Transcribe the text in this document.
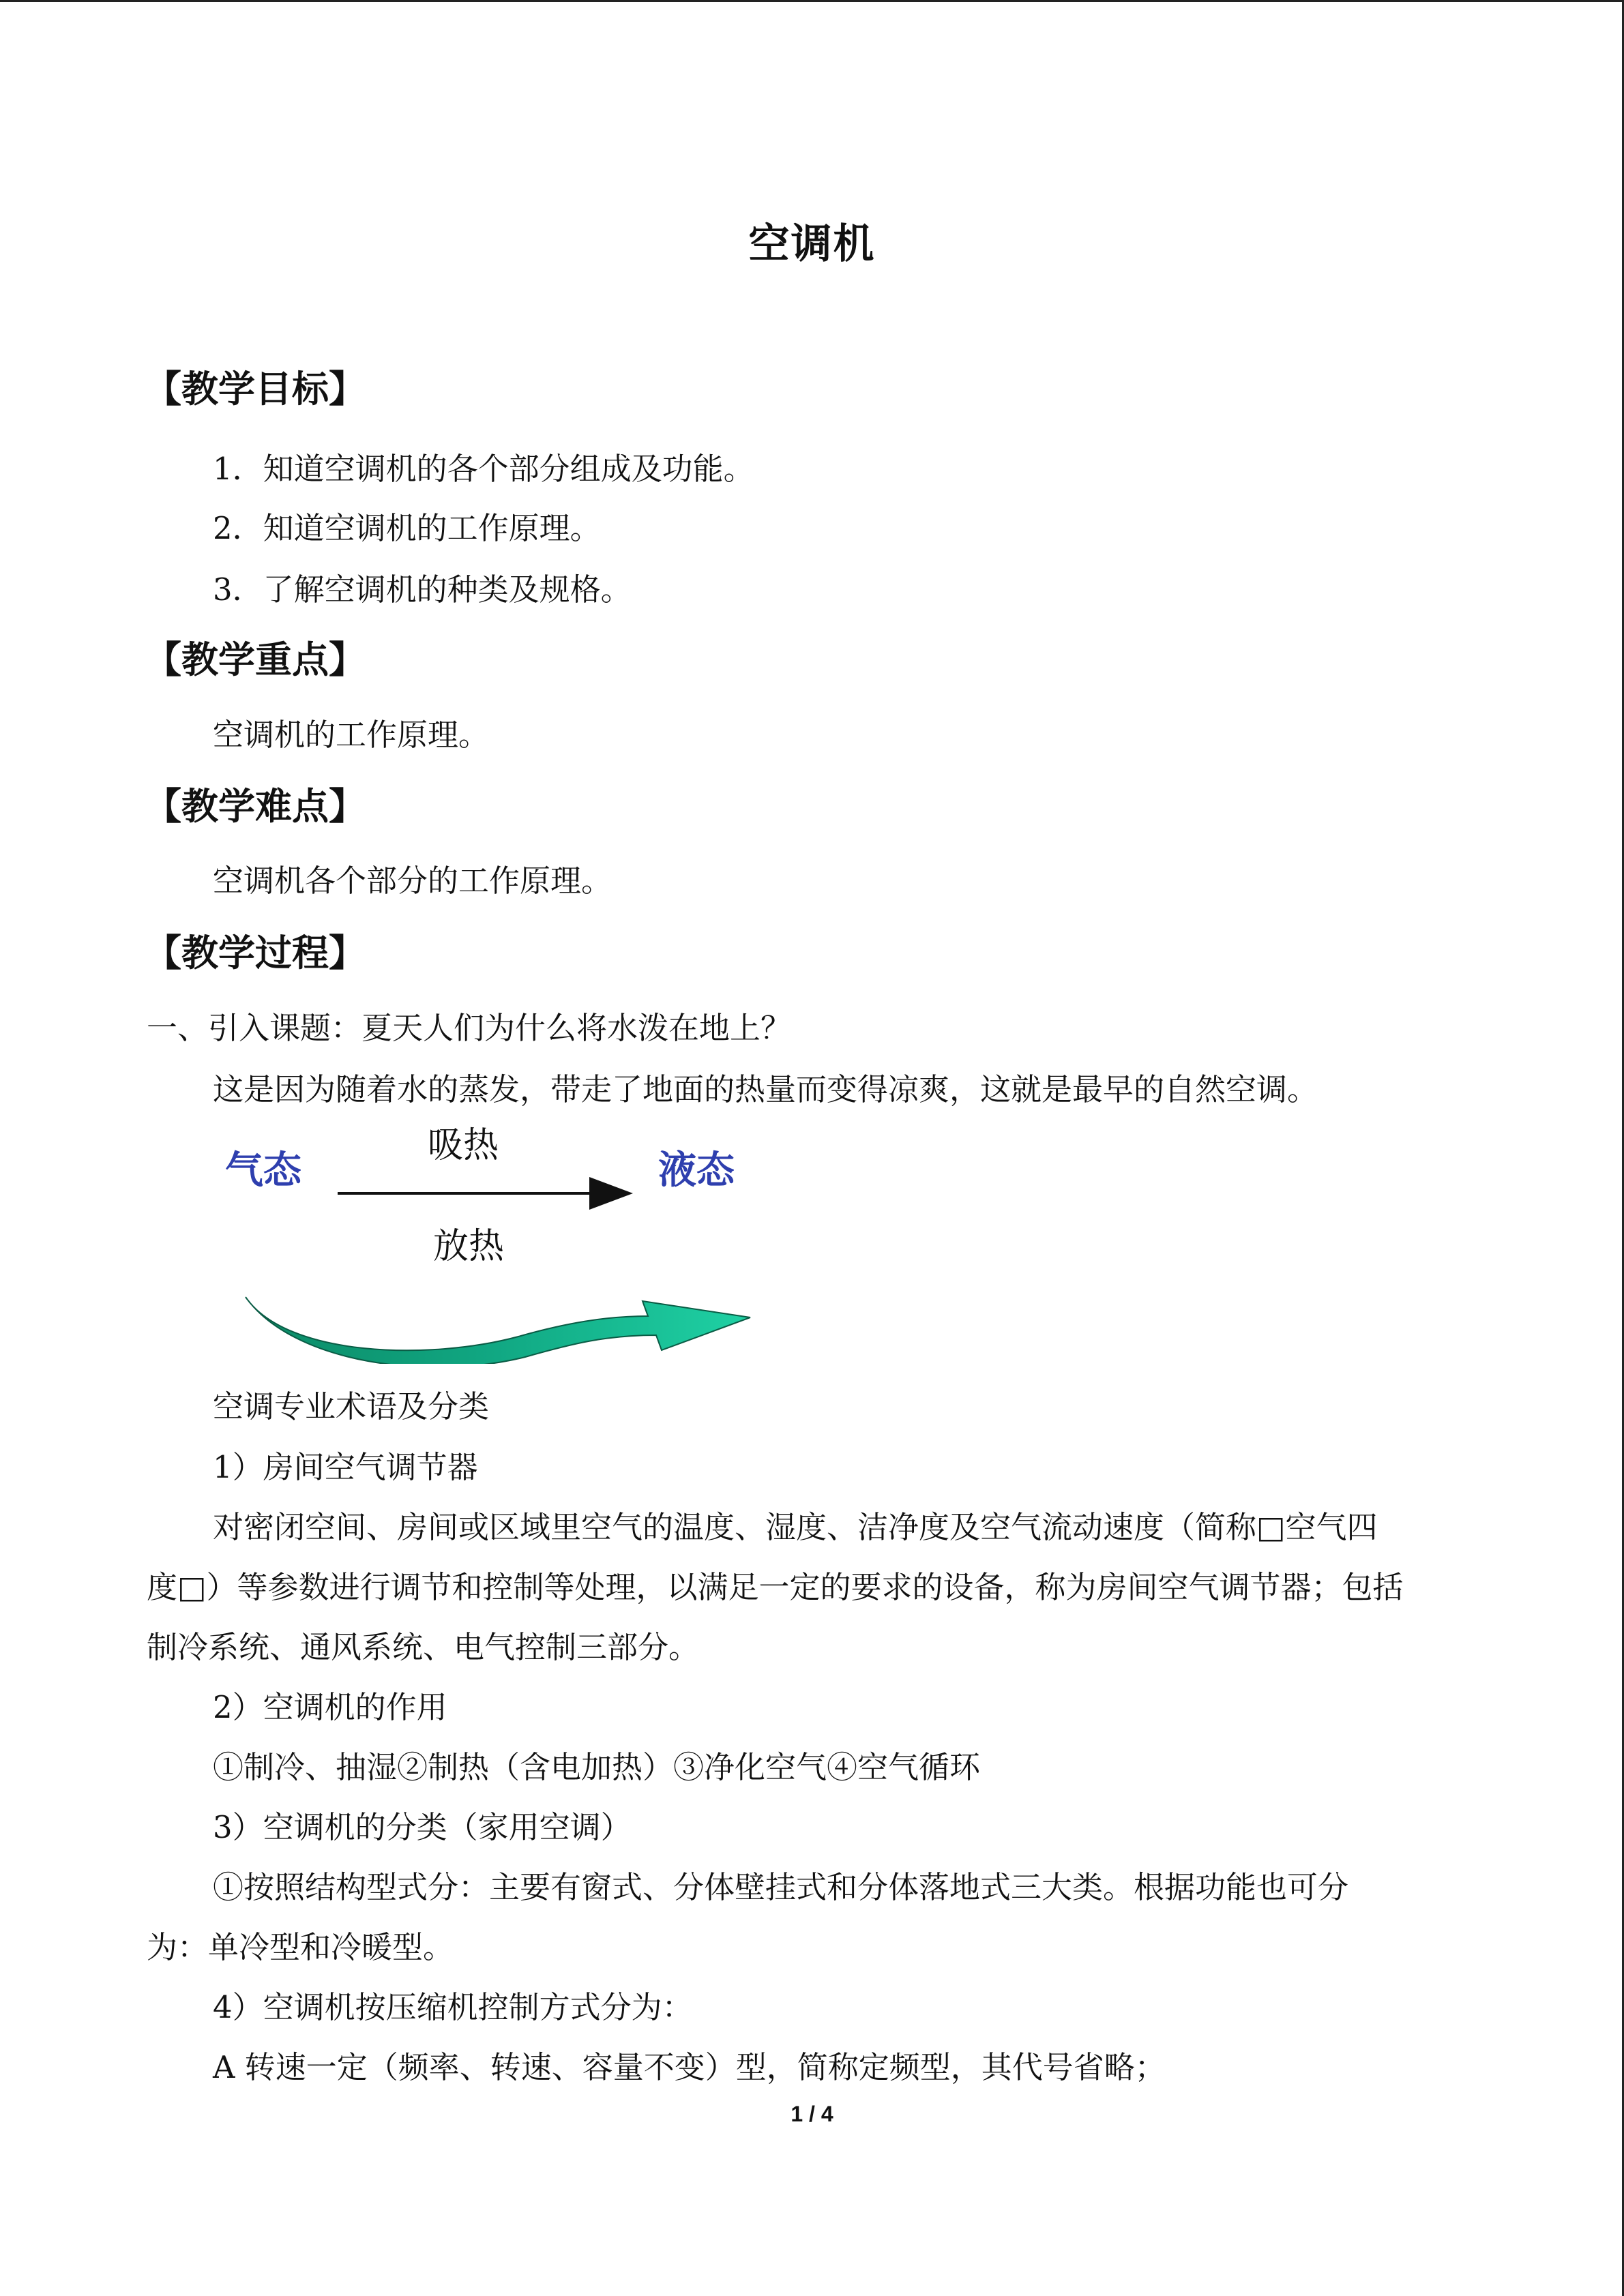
空调机
【教学目标】
1．知道空调机的各个部分组成及功能。
2．知道空调机的工作原理。
3．了解空调机的种类及规格。
【教学重点】
空调机的工作原理。
【教学难点】
空调机各个部分的工作原理。
【教学过程】
一、引入课题：夏天人们为什么将水泼在地上？
这是因为随着水的蒸发，带走了地面的热量而变得凉爽，这就是最早的自然空调。
气态
吸热
液态
放热
空调专业术语及分类
1）房间空气调节器
对密闭空间、房间或区域里空气的温度、湿度、洁净度及空气流动速度（简称□空气四
度□）等参数进行调节和控制等处理，以满足一定的要求的设备，称为房间空气调节器；包括
制冷系统、通风系统、电气控制三部分。
2）空调机的作用
①制冷、抽湿②制热（含电加热）③净化空气④空气循环
3）空调机的分类（家用空调）
①按照结构型式分：主要有窗式、分体壁挂式和分体落地式三大类。根据功能也可分
为：单冷型和冷暖型。
4）空调机按压缩机控制方式分为：
A 转速一定（频率、转速、容量不变）型，简称定频型，其代号省略；
1 / 4
